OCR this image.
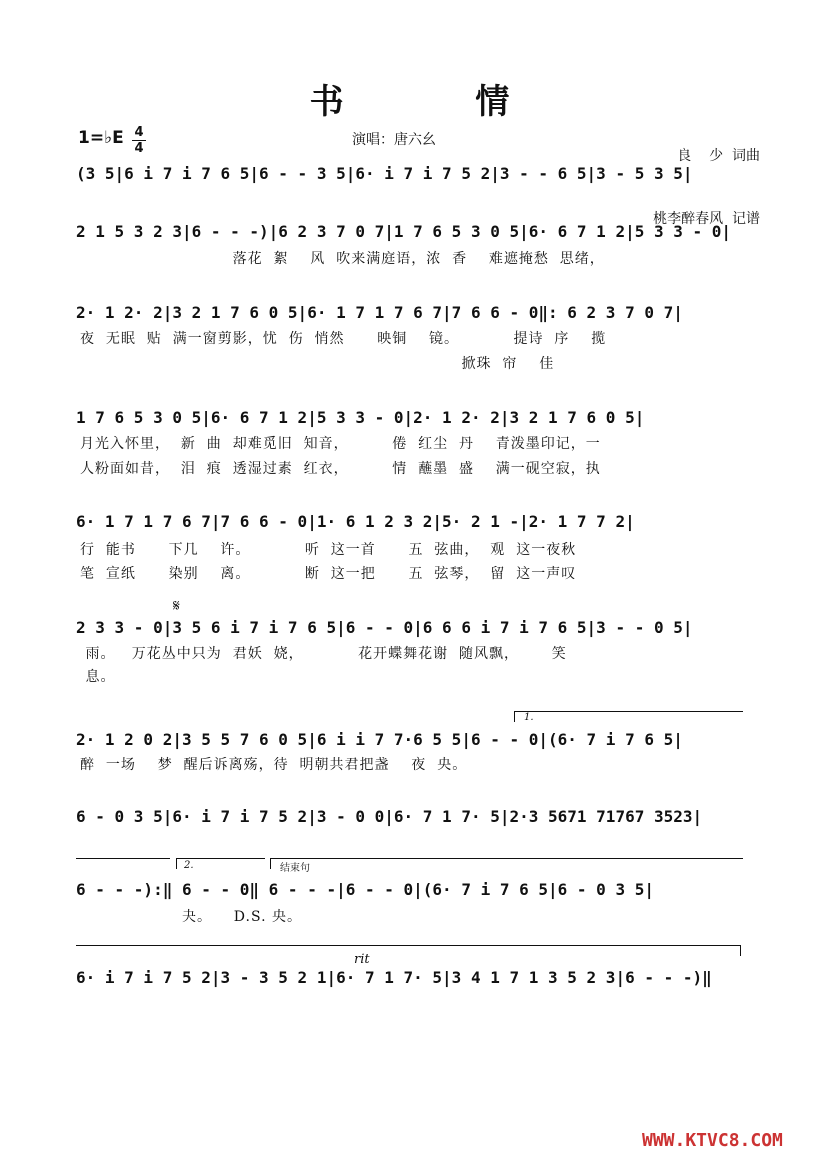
书  情
1=♭E 4
4
演唱：唐六幺

良    少  词曲

桃李醉春风  记谱

(3 5|6 i 7 i 7 6 5|6 - - 3 5|6· i 7 i 7 5 2|3 - - 6 5|3 - 5 3 5|
2 1 5 3 2 3|6 - - -)|6 2 3 7 0 7|1 7 6 5 3 0 5|6· 6 7 1 2|5 3 3 - 0|
落花  絮    风  吹来满庭语，浓  香    难遮掩愁  思绪，
2· 1 2· 2|3 2 1 7 6 0 5|6· 1 7 1 7 6 7|7 6 6 - 0‖: 6 2 3 7 0 7|
夜  无眠  贴  满一窗剪影，忧  伤  悄然      映铜    镜。          提诗  序    揽
掀珠  帘    佳
1 7 6 5 3 0 5|6· 6 7 1 2|5 3 3 - 0|2· 1 2· 2|3 2 1 7 6 0 5|
月光入怀里，  新  曲  却难觅旧  知音，        倦  红尘  丹    青泼墨印记，一
人粉面如昔，  泪  痕  透湿过素  红衣，        情  蘸墨  盛    满一砚空寂，执
6· 1 7 1 7 6 7|7 6 6 - 0|1· 6 1 2 3 2|5· 2 1 -|2· 1 7 7 2|
行  能书      下几    许。          听  这一首      五  弦曲，  观  这一夜秋
笔  宣纸      染别    离。          断  这一把      五  弦琴，  留  这一声叹
𝄋
2 3 3 - 0|3 5 6 i 7 i 7 6 5|6 - - 0|6 6 6 i 7 i 7 6 5|3 - - 0 5|
雨。   万花丛中只为  君妖  娆，          花开蝶舞花谢  随风飘，      笑
息。
1.
2· 1 2 0 2|3 5 5 7 6 0 5|6 i i 7 7·6 5 5|6 - - 0|(6· 7 i 7 6 5|
醉  一场    梦  醒后诉离殇，待  明朝共君把盏    夜  央。
6 - 0 3 5|6· i 7 i 7 5 2|3 - 0 0|6· 7 1 7· 5|2·3 5671 71767 3523|
2.	结束句
6 - - -):‖ 6 - - 0‖ 6 - - -|6 - - 0|(6· 7 i 7 6 5|6 - 0 3 5|
夬。    D.S. 央。
rit
6· i 7 i 7 5 2|3 - 3 5 2 1|6· 7 1 7· 5|3 4 1 7 1 3 5 2 3|6 - - -)‖
WWW.KTVC8.COM
